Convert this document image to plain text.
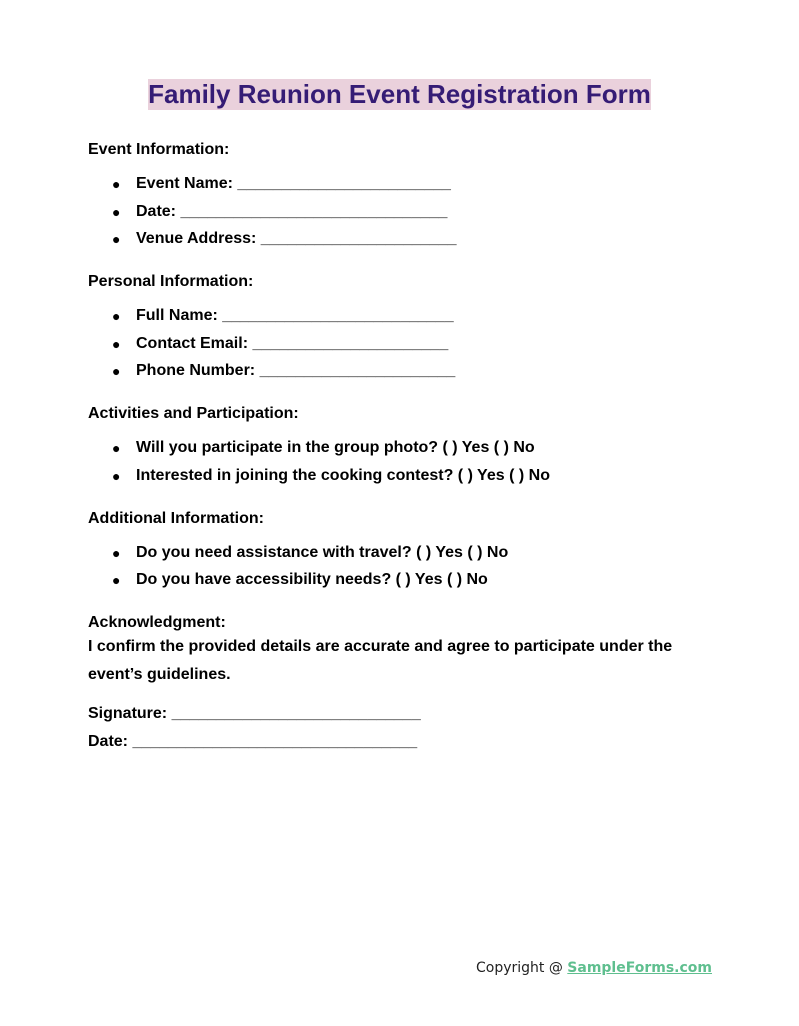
Family Reunion Event Registration Form
Event Information:
● Event Name: ________________________
● Date: ______________________________
● Venue Address: ______________________
Personal Information:
● Full Name: __________________________
● Contact Email: ______________________
● Phone Number: ______________________
Activities and Participation:
● Will you participate in the group photo? ( ) Yes ( ) No
● Interested in joining the cooking contest? ( ) Yes ( ) No
Additional Information:
● Do you need assistance with travel? ( ) Yes ( ) No
● Do you have accessibility needs? ( ) Yes ( ) No
Acknowledgment:

I confirm the provided details are accurate and agree to participate under the event’s guidelines.

Signature: ____________________________
Date: ________________________________
Copyright @ SampleForms.com
